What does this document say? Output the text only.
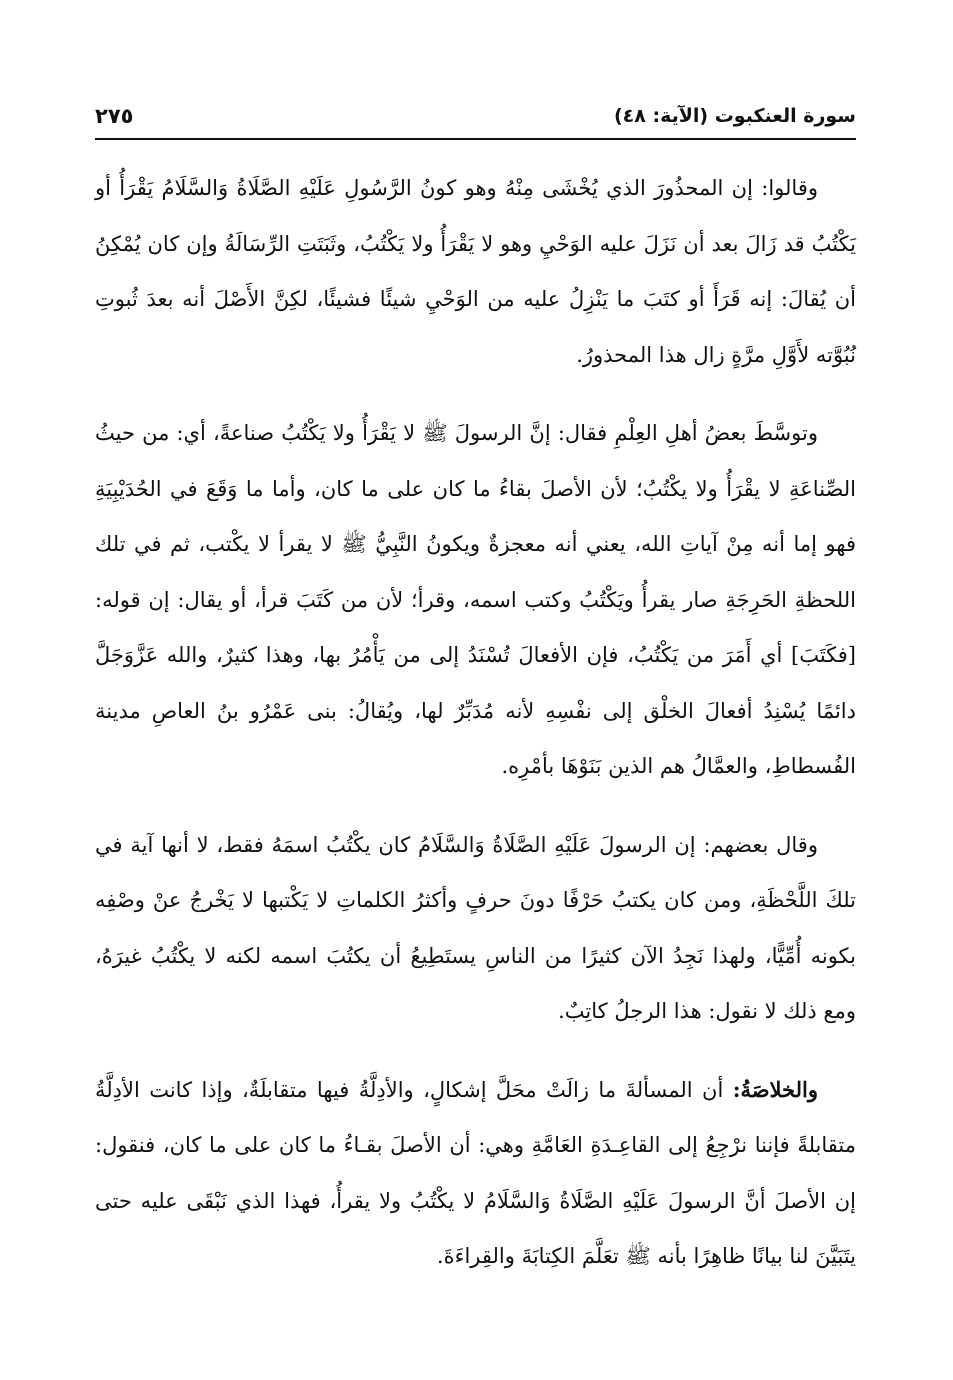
سورة العنكبوت (الآية: ٤٨)
٢٧٥

وقالوا: إن المحذُورَ الذي يُخْشَى مِنْهُ وهو كونُ الرَّسُولِ عَلَيْهِ الصَّلَاةُ وَالسَّلَامُ يَقْرَأُ أو يَكْتُبُ قد زَالَ بعد أن نَزَلَ عليه الوَحْيِ وهو لا يَقْرَأُ ولا يَكْتُبُ، وثَبَتَتِ الرِّسَالَةُ وإن كان يُمْكِنُ أن يُقالَ: إنه قَرَأَ أو كتَبَ ما يَنْزِلُ عليه من الوَحْيِ شيئًا فشيئًا، لكِنَّ الأَصْلَ أنه بعدَ ثُبوتِ نُبُوَّته لأَوَّلِ مرَّةٍ زال هذا المحذورُ.

وتوسَّطَ بعضُ أهلِ العِلْمِ فقال: إنَّ الرسولَ ﷺ لا يَقْرَأُ ولا يَكْتُبُ صناعةً، أي: من حيثُ الصِّناعَةِ لا يقْرَأُ ولا يكْتُبُ؛ لأن الأصلَ بقاءُ ما كان على ما كان، وأما ما وَقَعَ في الحُدَيْبِيَةِ فهو إما أنه مِنْ آياتِ الله، يعني أنه معجزةٌ ويكونُ النَّبِيُّ ﷺ لا يقرأ لا يكْتب، ثم في تلك اللحظةِ الحَرِجَةِ صار يقرأُ ويَكْتُبُ وكتب اسمه، وقرأ؛ لأن من كَتَبَ قرأ، أو يقال: إن قوله: [فكَتَبَ] أي أَمَرَ من يَكْتُبُ، فإن الأفعالَ تُسْنَدُ إلى من يَأْمُرُ بها، وهذا كثيرٌ، والله عَزَّوَجَلَّ دائمًا يُسْنِدُ أفعالَ الخلْق إلى نفْسِهِ لأنه مُدَبِّرٌ لها، ويُقالُ: بنى عَمْرُو بنُ العاصِ مدينة الفُسطاطِ، والعمَّالُ هم الذين بَنَوْهَا بأمْرِه.

وقال بعضهم: إن الرسولَ عَلَيْهِ الصَّلَاةُ وَالسَّلَامُ كان يكْتُبُ اسمَهُ فقط، لا أنها آية في تلكَ اللَّحْظَةِ، ومن كان يكتبُ حَرْفًا دونَ حرفٍ وأكثرُ الكلماتِ لا يَكْتبها لا يَخْرجُ عنْ وصْفِه بكونه أُمِّيًّا، ولهذا نَجِدُ الآن كثيرًا من الناسِ يستَطِيعُ أن يكتُبَ اسمه لكنه لا يكْتُبُ غيرَهُ، ومع ذلك لا نقول: هذا الرجلُ كاتِبٌ.

والخلاصَةُ: أن المسألةَ ما زالَتْ محَلَّ إشكالٍ، والأدِلَّةُ فيها متقابلَةٌ، وإذا كانت الأدِلَّةُ متقابلةً فإننا نرْجِعُ إلى القاعِـدَةِ العَامَّةِ وهي: أن الأصلَ بقـاءُ ما كان على ما كان، فنقول: إن الأصلَ أنَّ الرسولَ عَلَيْهِ الصَّلَاةُ وَالسَّلَامُ لا يكْتُبُ ولا يقرأُ، فهذا الذي نَبْقَى عليه حتى يتَبَيَّنَ لنا بيانًا ظاهِرًا بأنه ﷺ تعَلَّمَ الكِتابَةَ والقِراءَةَ.
